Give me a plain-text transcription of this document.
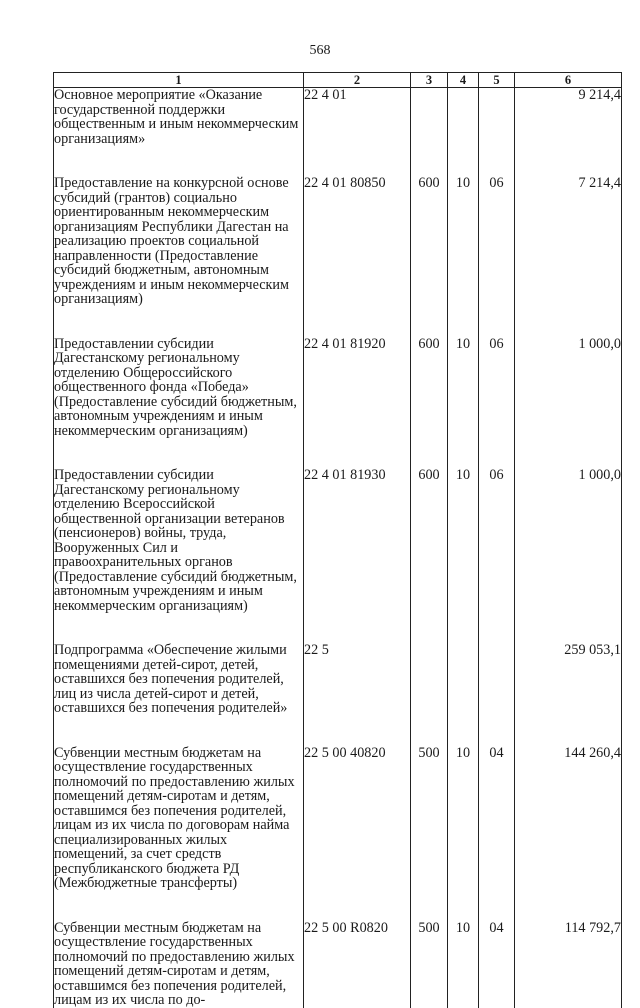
568
1	2	3	4	5	6
Основное мероприятие «Оказание государственной поддержки общественным и иным некоммерческим организациям»	22 4 01				9 214,4

Предоставление на конкурсной основе субсидий (грантов) социально ориентированным некоммерческим организациям Республики Дагестан на реализацию проектов социальной направленности (Предоставление субсидий бюджетным, автономным учреждениям и иным некоммерческим организациям)	22 4 01 80850	600	10	06	7 214,4

Предоставлении субсидии Дагестанскому региональному отделению Общероссийского общественного фонда «Победа» (Предоставление субсидий бюджетным, автономным учреждениям и иным некоммерческим организациям)	22 4 01 81920	600	10	06	1 000,0

Предоставлении субсидии Дагестанскому региональному отделению Всероссийской общественной организации ветеранов (пенсионеров) войны, труда, Вооруженных Сил и правоохранительных органов (Предоставление субсидий бюджетным, автономным учреждениям и иным некоммерческим организациям)	22 4 01 81930	600	10	06	1 000,0

Подпрограмма «Обеспечение жилыми помещениями детей-сирот, детей, оставшихся без попечения родителей, лиц из числа детей-сирот и детей, оставшихся без попечения родителей»	22 5				259 053,1

Субвенции местным бюджетам на осуществление государственных полномочий по предоставлению жилых помещений детям-сиротам и детям, оставшимся без попечения родителей, лицам из их числа по договорам найма специализированных жилых помещений, за счет средств республиканского бюджета РД (Межбюджетные трансферты)	22 5 00 40820	500	10	04	144 260,4

Субвенции местным бюджетам на осуществление государственных полномочий по предоставлению жилых помещений детям-сиротам и детям, оставшимся без попечения родителей, лицам из их числа по до-	22 5 00 R0820	500	10	04	114 792,7
